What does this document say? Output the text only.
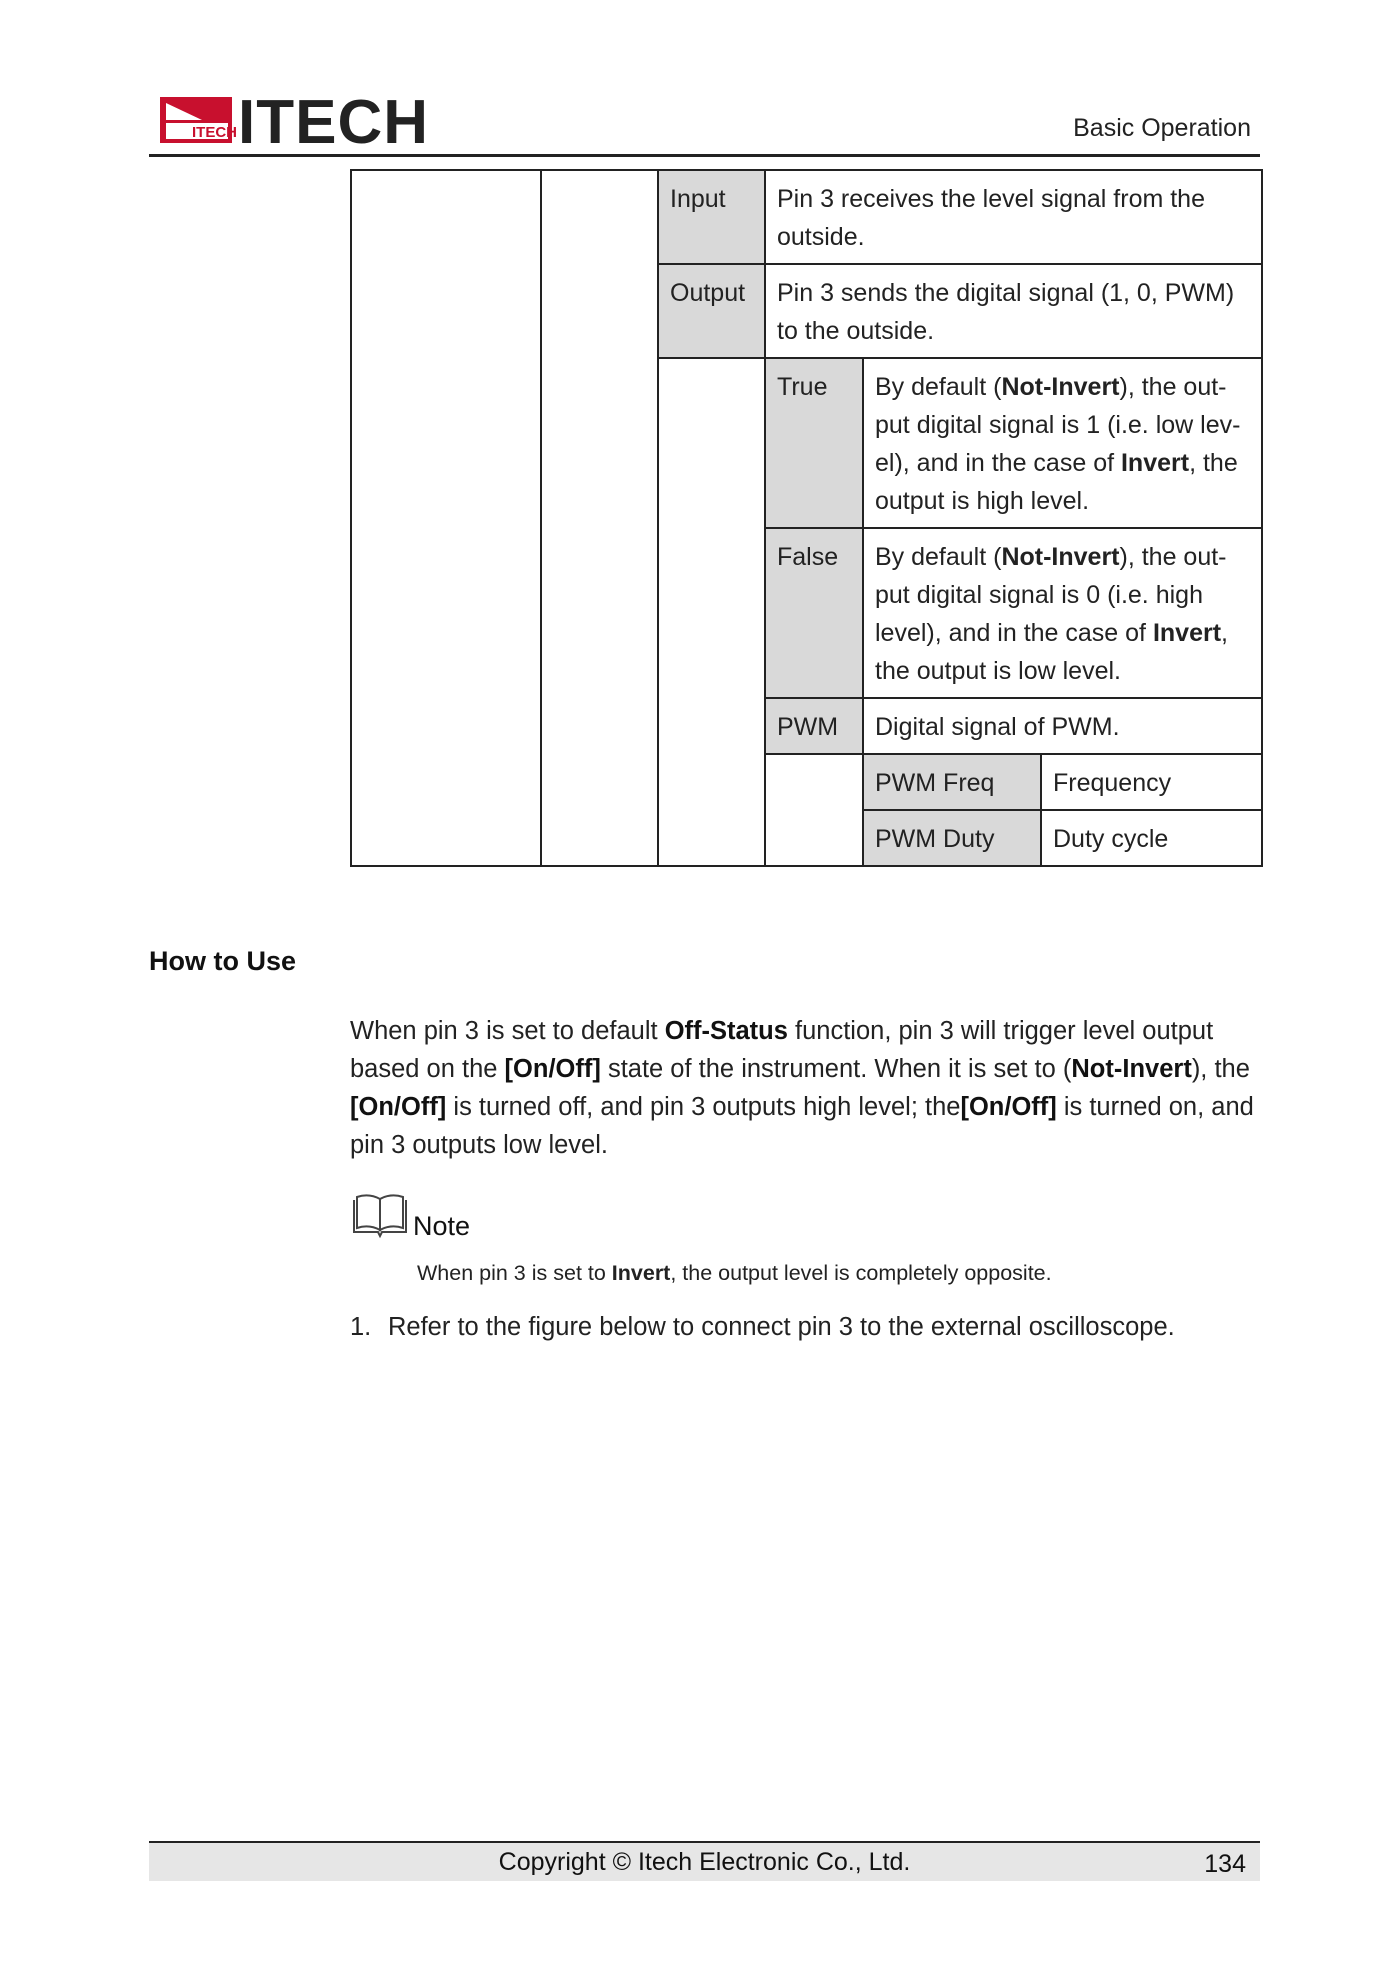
ITECH ITECH	Basic Operation
		Input	Pin 3 receives the level signal from the outside.		
		Output	Pin 3 sends the digital signal (1, 0, PWM) to the outside.		
			True	By default (Not-Invert), the out-put digital signal is 1 (i.e. low lev-el), and in the case of Invert, the output is high level.	
			False	By default (Not-Invert), the out-put digital signal is 0 (i.e. high level), and in the case of Invert, the output is low level.	
			PWM	Digital signal of PWM.	
				PWM Freq	Frequency
				PWM Duty	Duty cycle
How to Use
When pin 3 is set to default Off-Status function, pin 3 will trigger level output based on the [On/Off] state of the instrument. When it is set to (Not-Invert), the [On/Off] is turned off, and pin 3 outputs high level; the[On/Off] is turned on, and pin 3 outputs low level.
Note
When pin 3 is set to Invert, the output level is completely opposite.
1. Refer to the figure below to connect pin 3 to the external oscilloscope.
Copyright © Itech Electronic Co., Ltd.	134
